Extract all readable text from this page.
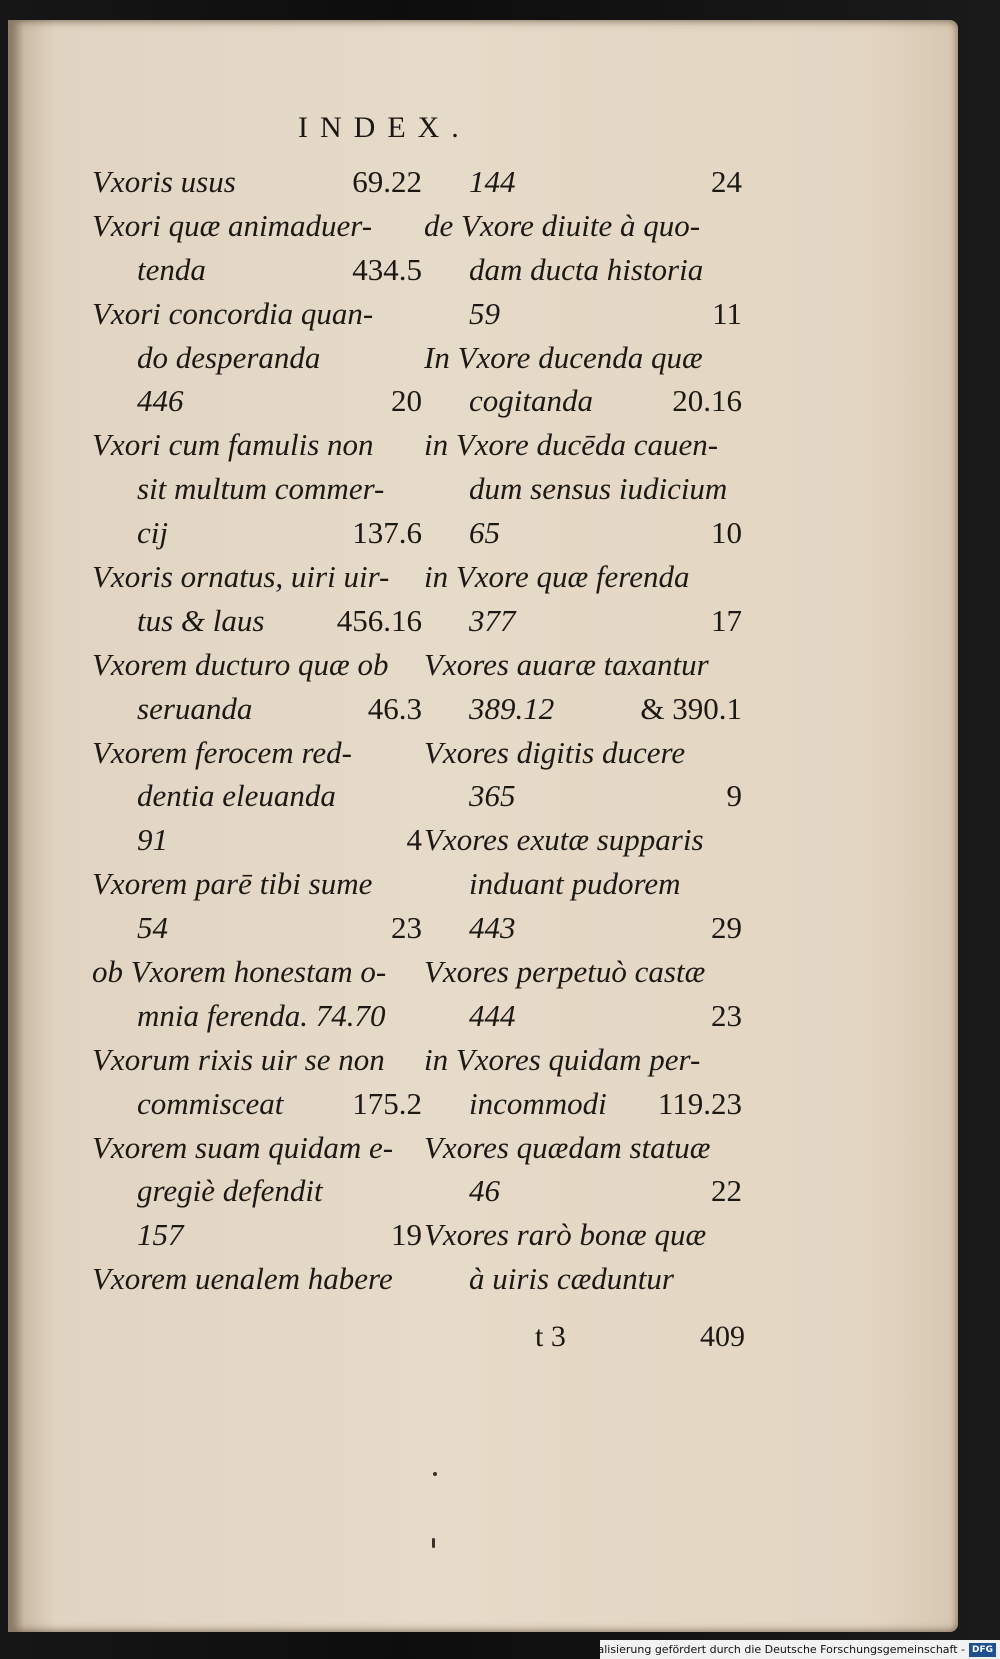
INDEX.
Vxoris usus	69.22
Vxori quæ animaduer-
tenda	434.5
Vxori concordia quan-
do desperanda
446	20
Vxori cum famulis non
sit multum commer-
cij	137.6
Vxoris ornatus, uiri uir-
tus & laus 456.16
Vxorem ducturo quæ ob
seruanda	46.3
Vxorem ferocem red-
dentia eleuanda
91	4
Vxorem parē tibi sume
54	23
ob Vxorem honestam o-
mnia ferenda. 74.70
Vxorum rixis uir se non
commisceat 175.2
Vxorem suam quidam e-
gregiè defendit
157	19
Vxorem uenalem habere
144	24
de Vxore diuite à quo-
dam ducta historia
59	11
In Vxore ducenda quæ
cogitanda	20.16
in Vxore ducēda cauen-
dum sensus iudicium
65	10
in Vxore quæ ferenda
377	17
Vxores auaræ taxantur
389.12	& 390.1
Vxores digitis ducere
365	9
Vxores exutæ supparis
induant pudorem
443	29
Vxores perpetuò castæ
444	23
in Vxores quidam per-
incommodi 119.23
Vxores quædam statuæ
46	22
Vxores rarò bonæ quæ
à uiris cæduntur
t 3	409
Digitalisierung gefördert durch die Deutsche Forschungsgemeinschaft - DFG
